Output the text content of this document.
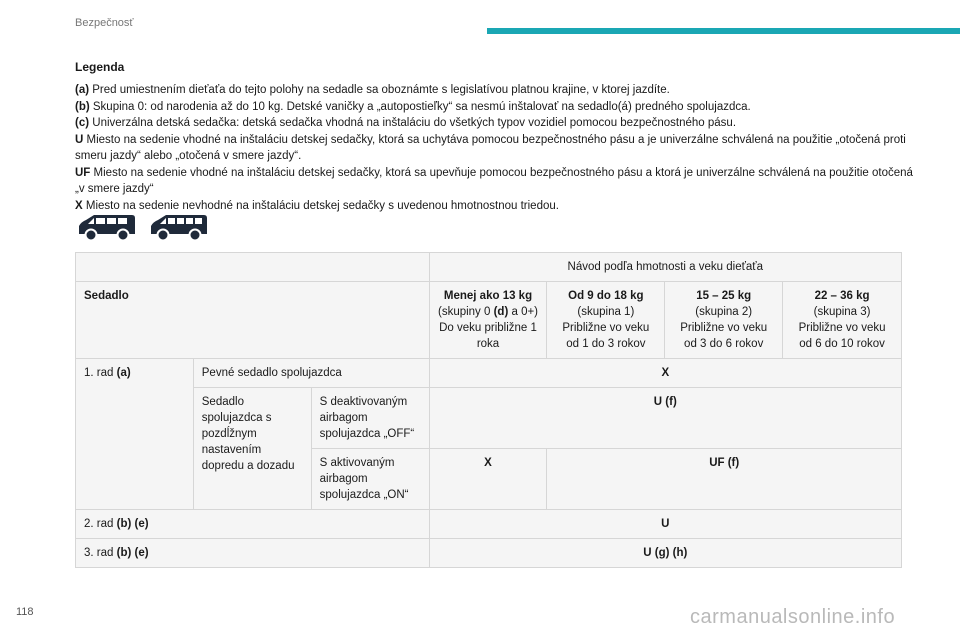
Bezpečnosť
Legenda

(a) Pred umiestnením dieťaťa do tejto polohy na sedadle sa oboznámte s legislatívou platnou krajine, v ktorej jazdíte.

(b) Skupina 0: od narodenia až do 10 kg. Detské vaničky a „autopostieľky“ sa nesmú inštalovať na sedadlo(á) predného spolujazdca.

(c) Univerzálna detská sedačka: detská sedačka vhodná na inštaláciu do všetkých typov vozidiel pomocou bezpečnostného pásu.

U Miesto na sedenie vhodné na inštaláciu detskej sedačky, ktorá sa uchytáva pomocou bezpečnostného pásu a je univerzálne schválená na použitie „otočená proti smeru jazdy“ alebo „otočená v smere jazdy“.

UF Miesto na sedenie vhodné na inštaláciu detskej sedačky, ktorá sa upevňuje pomocou bezpečnostného pásu a ktorá je univerzálne schválená na použitie otočená „v smere jazdy“

X Miesto na sedenie nevhodné na inštaláciu detskej sedačky s uvedenou hmotnostnou triedou.

			Návod podľa hmotnosti a veku dieťaťa			
Sedadlo			Menej ako 13 kg
(skupiny 0 (d) a 0+)
Do veku približne 1 roka	Od 9 do 18 kg
(skupina 1)
Približne vo veku od 1 do 3 rokov	15 – 25 kg
(skupina 2)
Približne vo veku od 3 do 6 rokov	22 – 36 kg
(skupina 3)
Približne vo veku od 6 do 10 rokov
1. rad (a)	Pevné sedadlo spolujazdca		X			
	Sedadlo spolujazdca s pozdĺžnym nastavením dopredu a dozadu	S deaktivovaným airbagom spolujazdca „OFF“	U (f)			
		S aktivovaným airbagom spolujazdca „ON“	X	UF (f)		
2. rad (b) (e)			U			
3. rad (b) (e)			U (g) (h)			
118	carmanualsonline.info
